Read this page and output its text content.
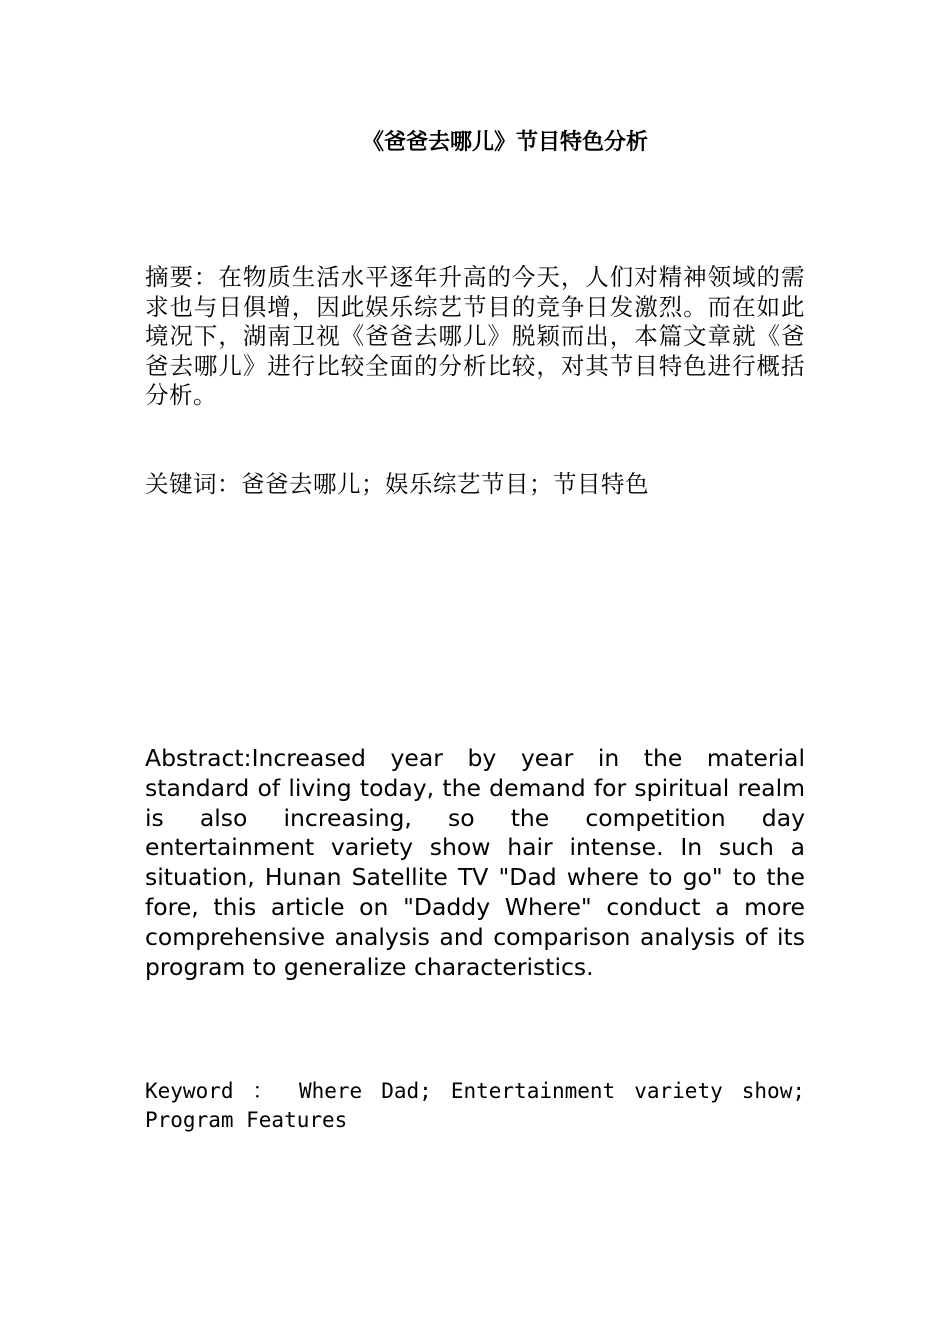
《爸爸去哪儿》节目特色分析
摘要：在物质生活水平逐年升高的今天，人们对精神领域的需求也与日俱增，因此娱乐综艺节目的竞争日发激烈。而在如此境况下，湖南卫视《爸爸去哪儿》脱颖而出，本篇文章就《爸爸去哪儿》进行比较全面的分析比较，对其节目特色进行概括分析。
关键词：爸爸去哪儿；娱乐综艺节目；节目特色
Abstract:Increased year by year in the material standard of living today, the demand for spiritual realm is also increasing, so the competition day entertainment variety show hair intense. In such a situation, Hunan Satellite TV "Dad where to go" to the fore, this article on "Daddy Where" conduct a more comprehensive analysis and comparison analysis of its program to generalize characteristics.
Keyword ： Where Dad; Entertainment variety show; Program Features
